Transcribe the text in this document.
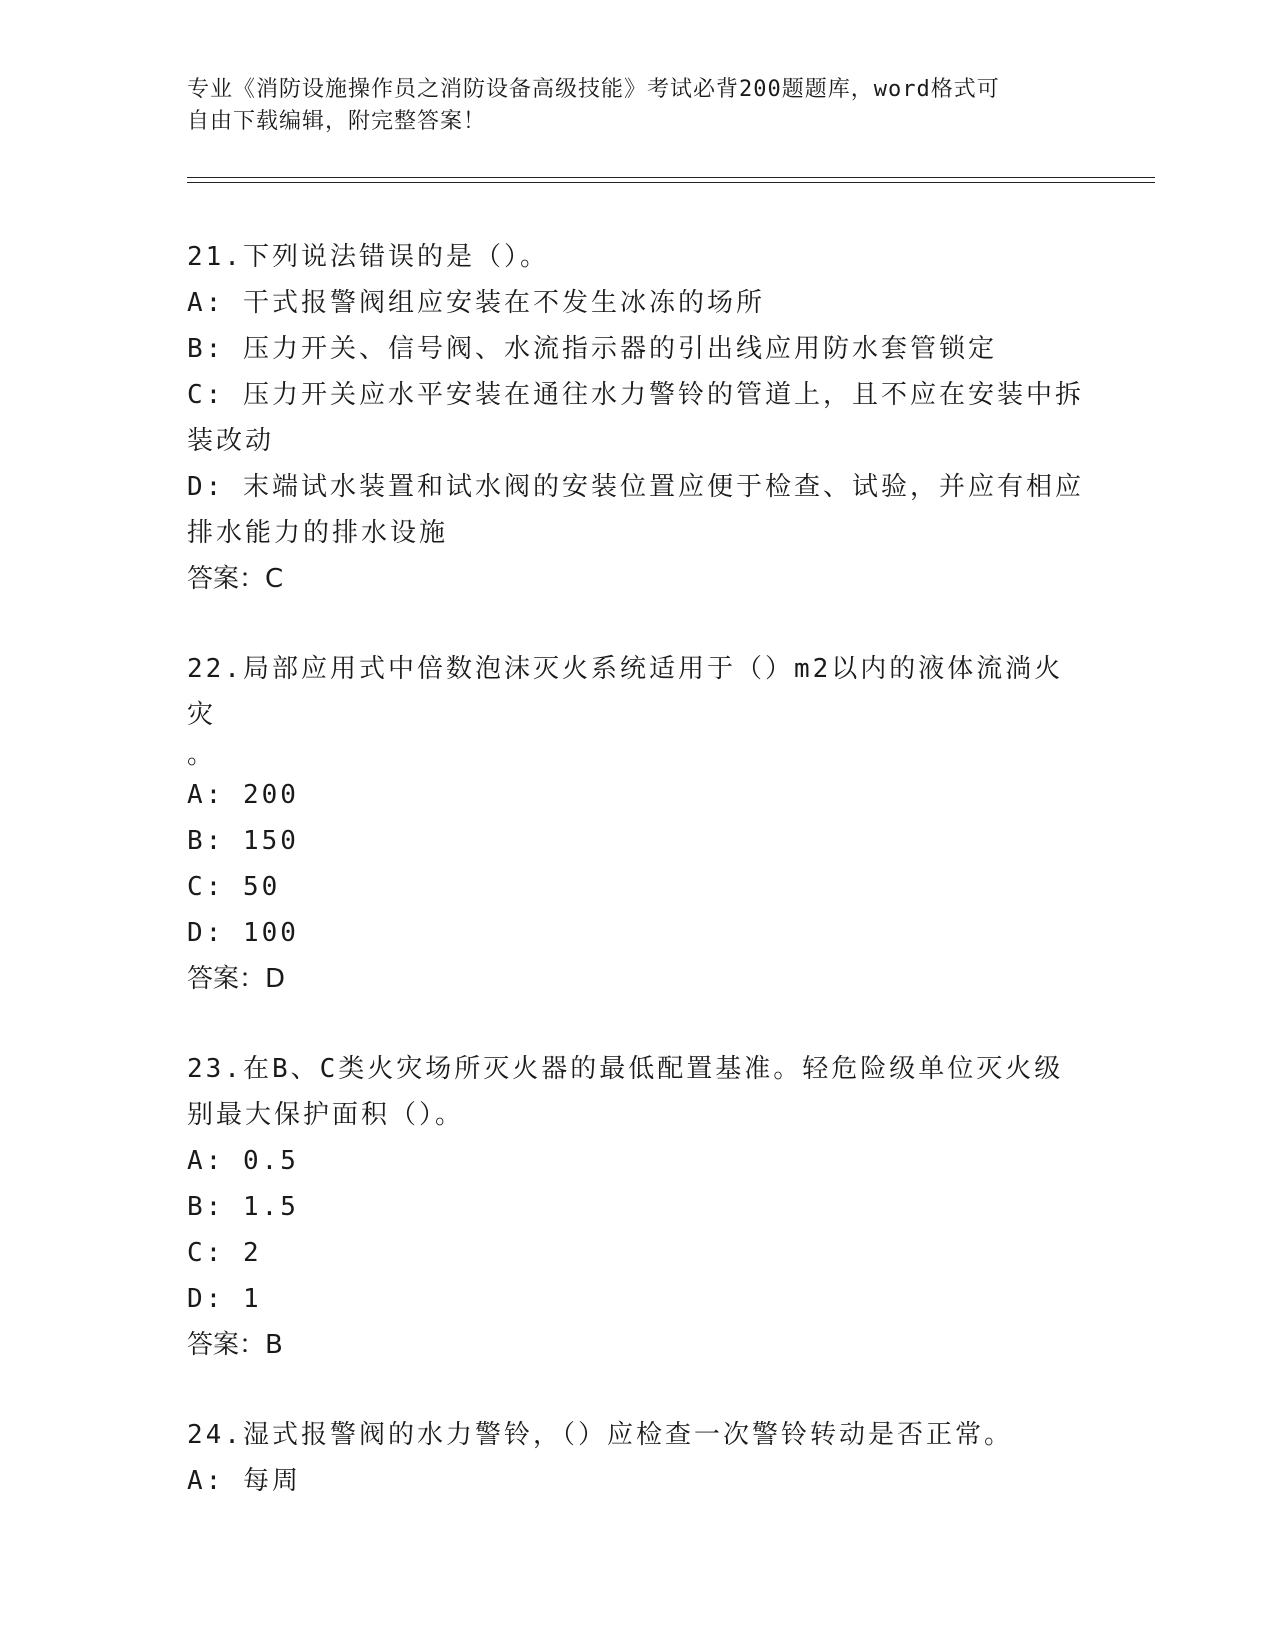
专业《消防设施操作员之消防设备高级技能》考试必背200题题库，word格式可
自由下载编辑，附完整答案！

21.下列说法错误的是（）。

A: 干式报警阀组应安装在不发生冰冻的场所

B: 压力开关、信号阀、水流指示器的引出线应用防水套管锁定

C: 压力开关应水平安装在通往水力警铃的管道上，且不应在安装中拆

装改动

D: 末端试水装置和试水阀的安装位置应便于检查、试验，并应有相应

排水能力的排水设施

答案：C

22.局部应用式中倍数泡沫灭火系统适用于（）m2以内的液体流淌火灾

。

A: 200

B: 150

C: 50

D: 100

答案：D

23.在B、C类火灾场所灭火器的最低配置基准。轻危险级单位灭火级

别最大保护面积（）。

A: 0.5

B: 1.5

C: 2

D: 1

答案：B

24.湿式报警阀的水力警铃，（）应检查一次警铃转动是否正常。

A: 每周
